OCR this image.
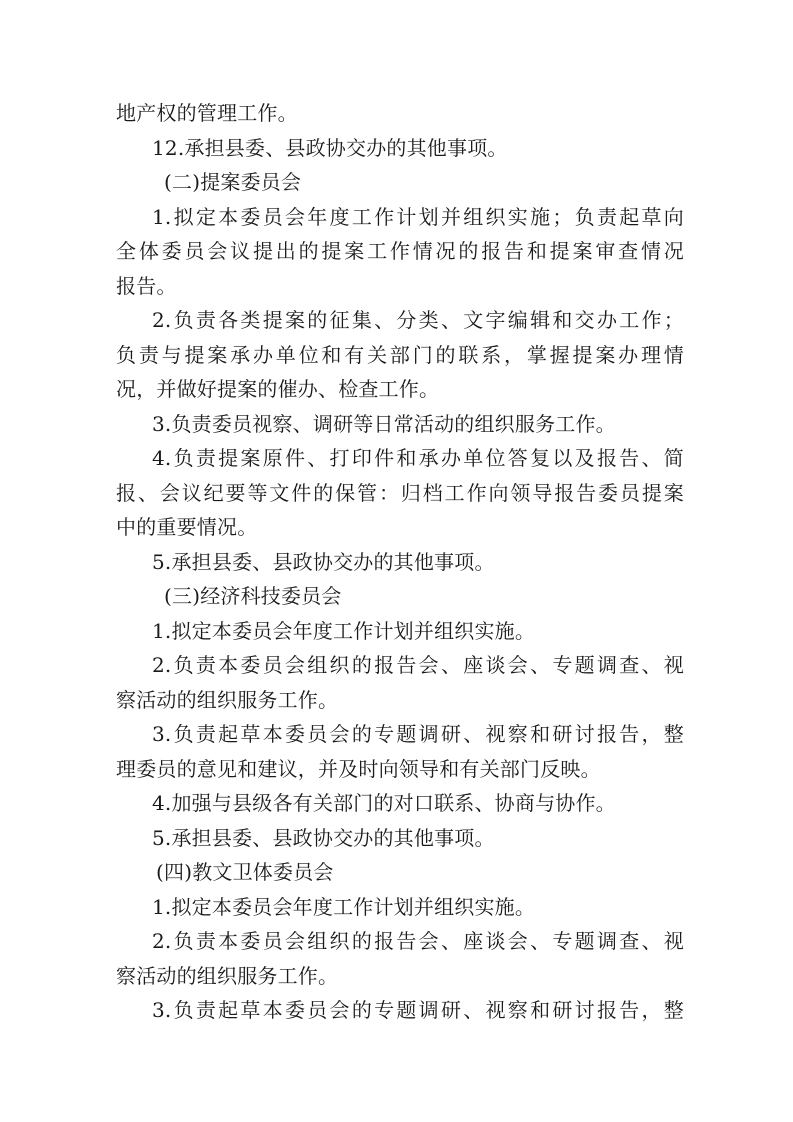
地产权的管理工作。
12.承担县委、县政协交办的其他事项。
(二)提案委员会
1.拟定本委员会年度工作计划并组织实施；负责起草向
全体委员会议提出的提案工作情况的报告和提案审查情况
报告。
2.负责各类提案的征集、分类、文字编辑和交办工作；
负责与提案承办单位和有关部门的联系，掌握提案办理情
况，并做好提案的催办、检查工作。
3.负责委员视察、调研等日常活动的组织服务工作。
4.负责提案原件、打印件和承办单位答复以及报告、简
报、会议纪要等文件的保管：归档工作向领导报告委员提案
中的重要情况。
5.承担县委、县政协交办的其他事项。
(三)经济科技委员会
1.拟定本委员会年度工作计划并组织实施。
2.负责本委员会组织的报告会、座谈会、专题调查、视
察活动的组织服务工作。
3.负责起草本委员会的专题调研、视察和研讨报告，整
理委员的意见和建议，并及时向领导和有关部门反映。
4.加强与县级各有关部门的对口联系、协商与协作。
5.承担县委、县政协交办的其他事项。
(四)教文卫体委员会
1.拟定本委员会年度工作计划并组织实施。
2.负责本委员会组织的报告会、座谈会、专题调查、视
察活动的组织服务工作。
3.负责起草本委员会的专题调研、视察和研讨报告，整
